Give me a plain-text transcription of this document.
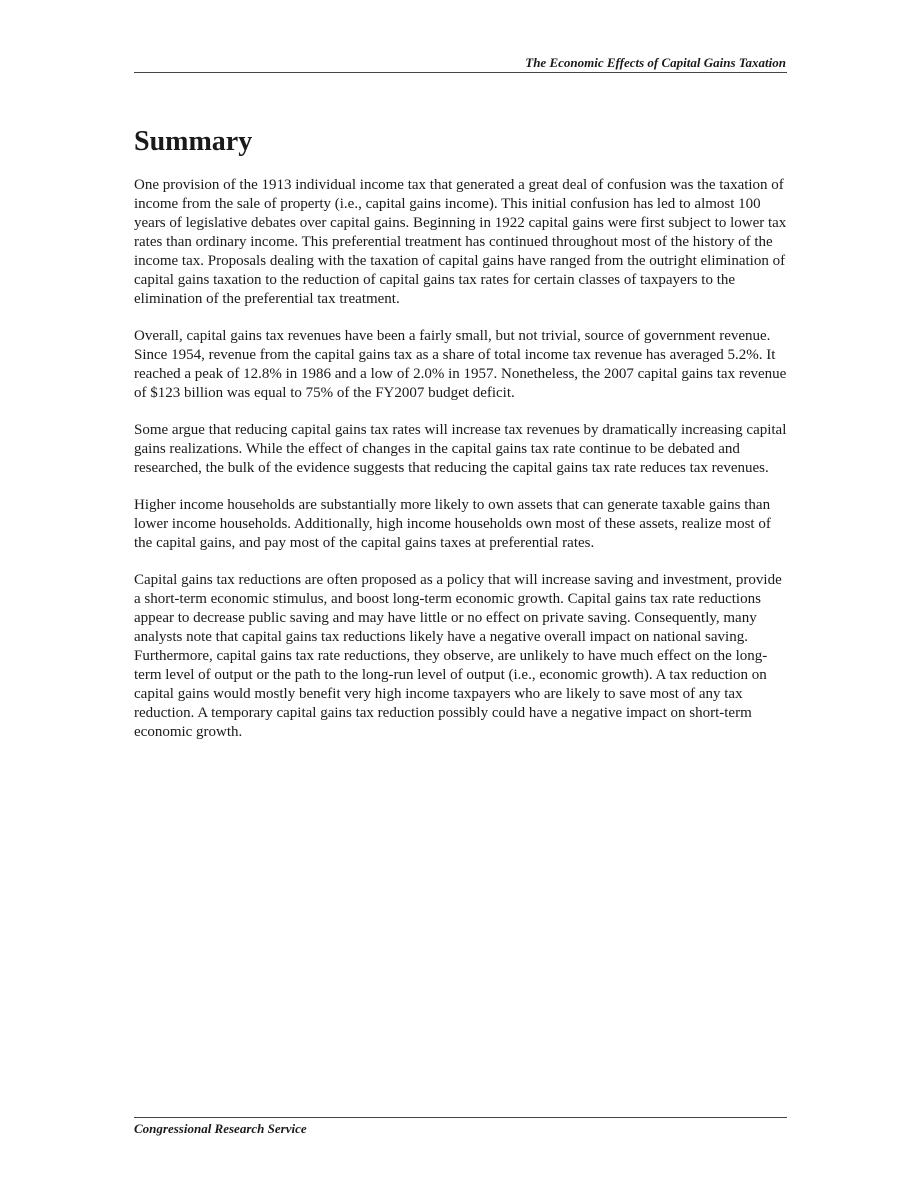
The Economic Effects of Capital Gains Taxation
Summary

One provision of the 1913 individual income tax that generated a great deal of confusion was the taxation of income from the sale of property (i.e., capital gains income). This initial confusion has led to almost 100 years of legislative debates over capital gains. Beginning in 1922 capital gains were first subject to lower tax rates than ordinary income. This preferential treatment has continued throughout most of the history of the income tax. Proposals dealing with the taxation of capital gains have ranged from the outright elimination of capital gains taxation to the reduction of capital gains tax rates for certain classes of taxpayers to the elimination of the preferential tax treatment.

Overall, capital gains tax revenues have been a fairly small, but not trivial, source of government revenue. Since 1954, revenue from the capital gains tax as a share of total income tax revenue has averaged 5.2%. It reached a peak of 12.8% in 1986 and a low of 2.0% in 1957. Nonetheless, the 2007 capital gains tax revenue of $123 billion was equal to 75% of the FY2007 budget deficit.

Some argue that reducing capital gains tax rates will increase tax revenues by dramatically increasing capital gains realizations. While the effect of changes in the capital gains tax rate continue to be debated and researched, the bulk of the evidence suggests that reducing the capital gains tax rate reduces tax revenues.

Higher income households are substantially more likely to own assets that can generate taxable gains than lower income households. Additionally, high income households own most of these assets, realize most of the capital gains, and pay most of the capital gains taxes at preferential rates.

Capital gains tax reductions are often proposed as a policy that will increase saving and investment, provide a short-term economic stimulus, and boost long-term economic growth. Capital gains tax rate reductions appear to decrease public saving and may have little or no effect on private saving. Consequently, many analysts note that capital gains tax reductions likely have a negative overall impact on national saving. Furthermore, capital gains tax rate reductions, they observe, are unlikely to have much effect on the long-term level of output or the path to the long-run level of output (i.e., economic growth). A tax reduction on capital gains would mostly benefit very high income taxpayers who are likely to save most of any tax reduction. A temporary capital gains tax reduction possibly could have a negative impact on short-term economic growth.

Congressional Research Service
